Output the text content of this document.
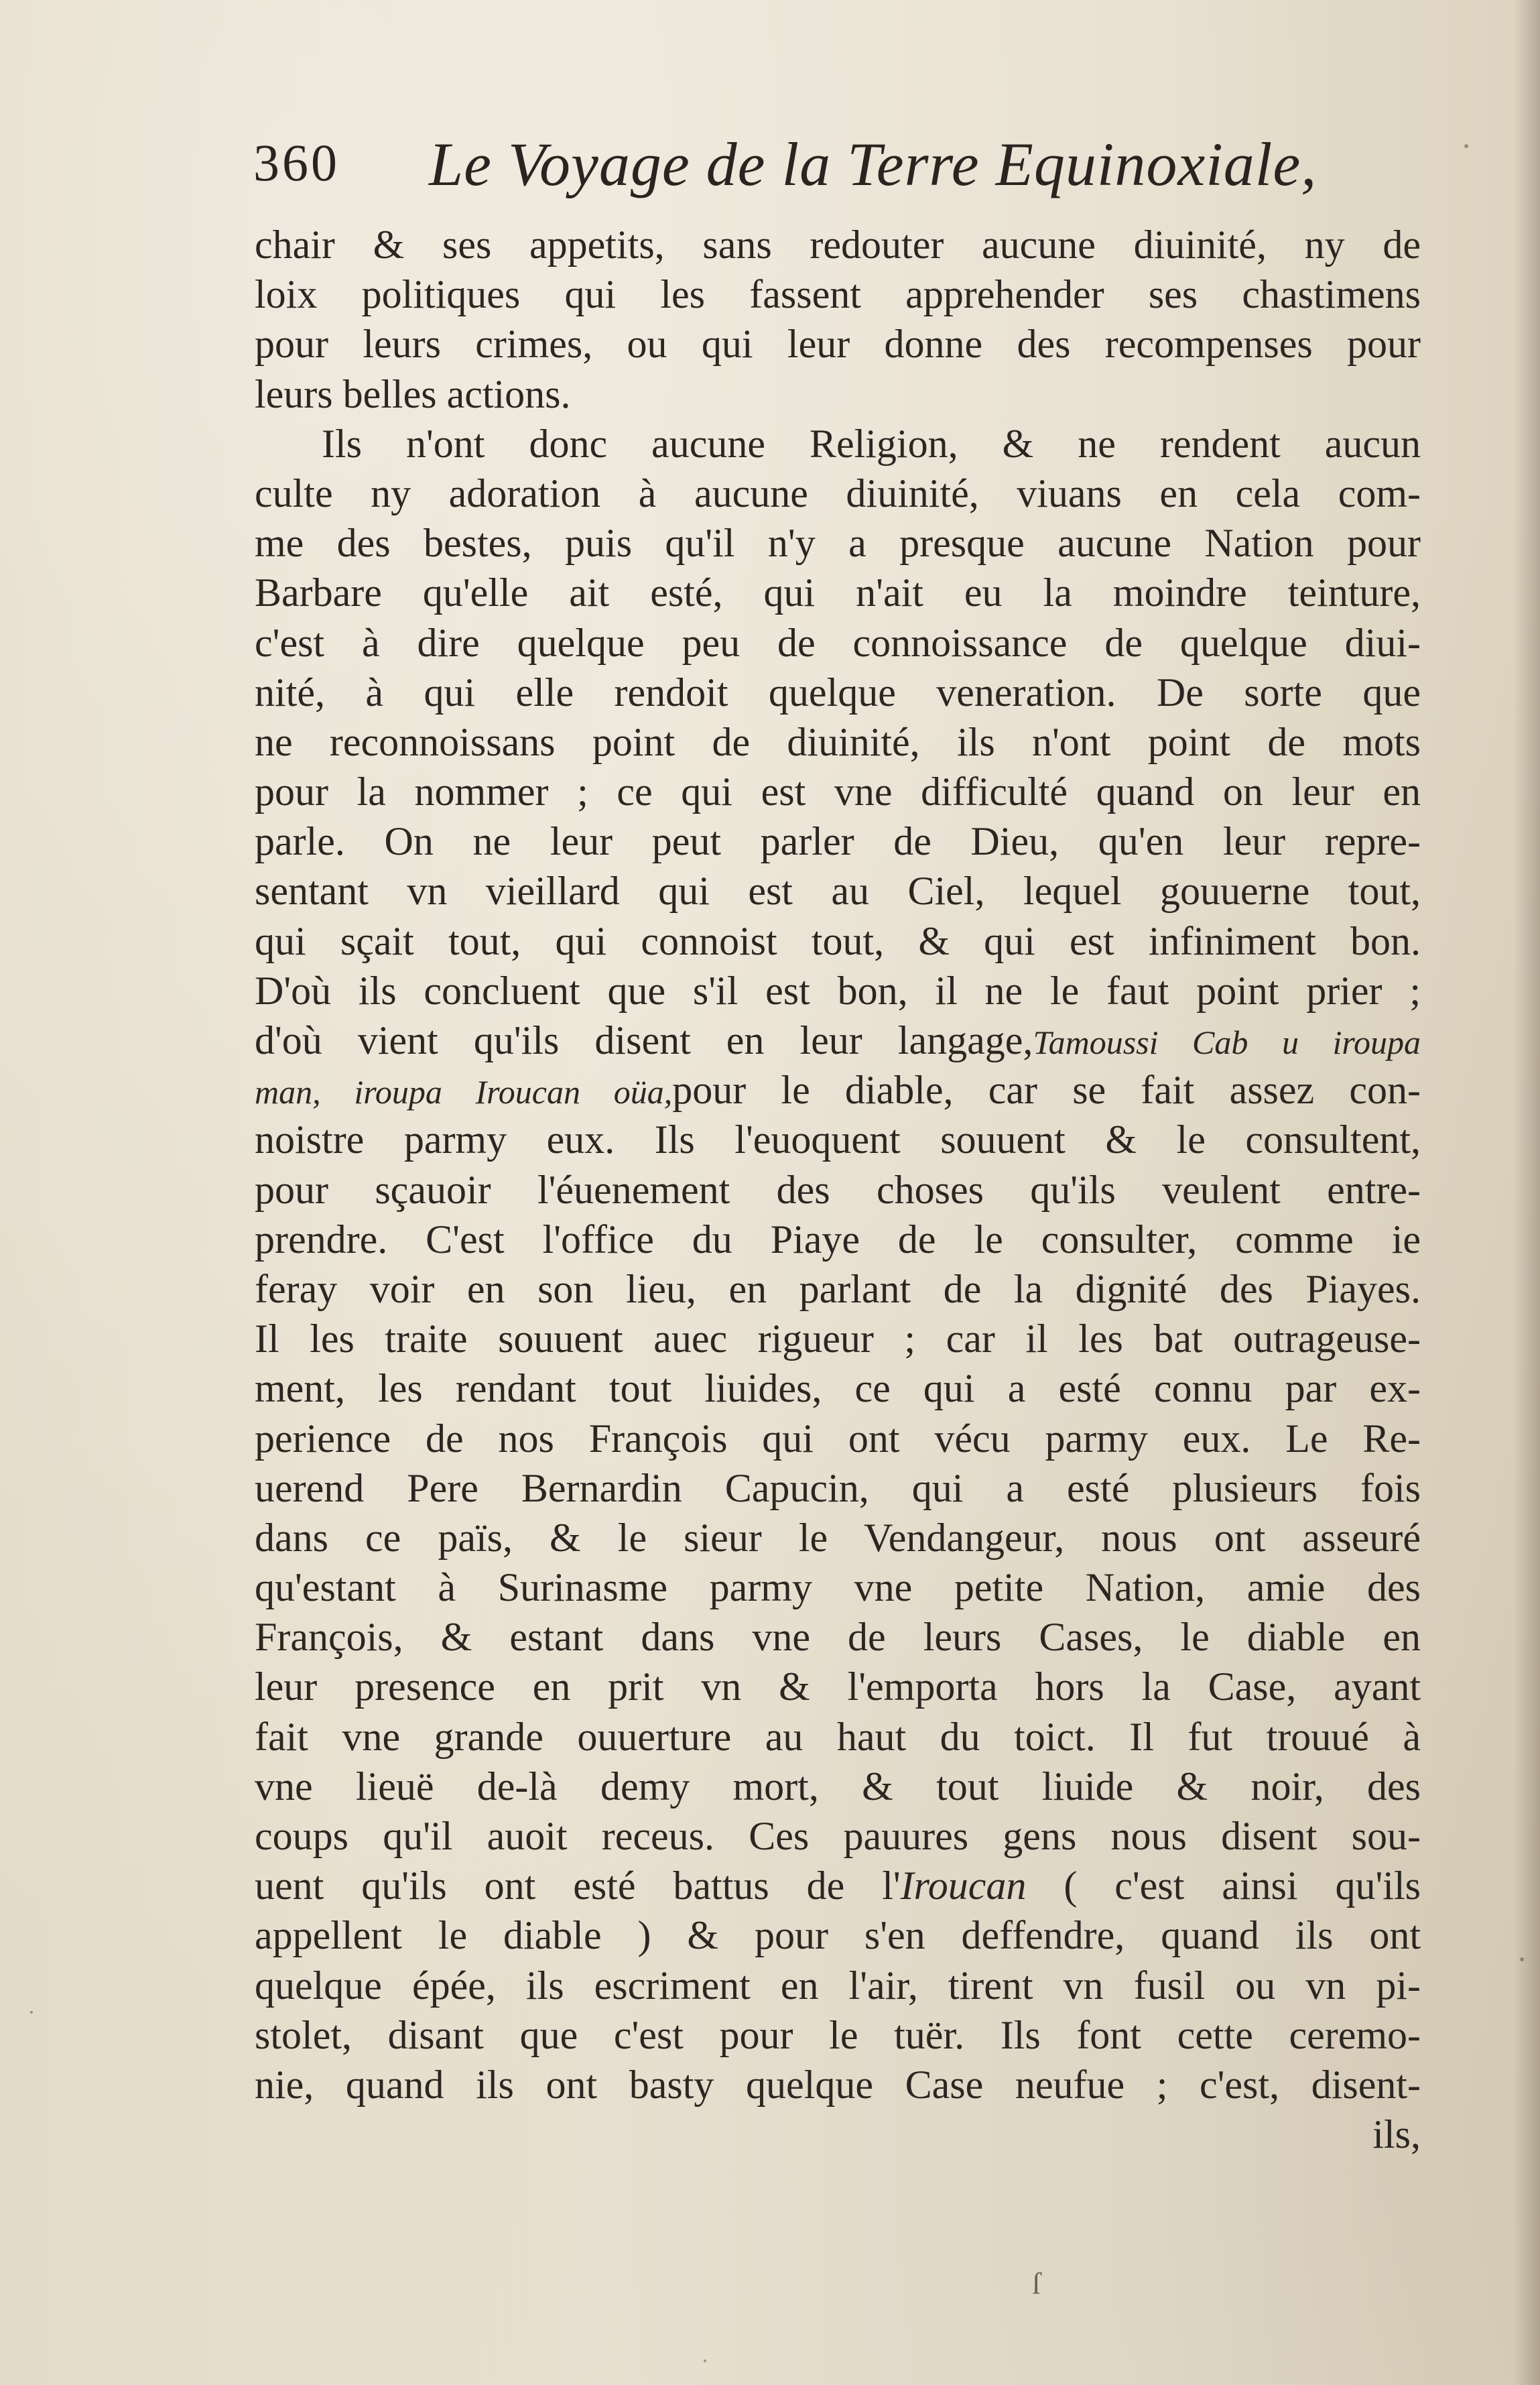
360 Le Voyage de la Terre Equinoxiale,
chair & ses appetits, sans redouter aucune diuinité, ny de
loix politiques qui les fassent apprehender ses chastimens
pour leurs crimes, ou qui leur donne des recompenses pour
leurs belles actions.
Ils n'ont donc aucune Religion, & ne rendent aucun
culte ny adoration à aucune diuinité, viuans en cela com-
me des bestes, puis qu'il n'y a presque aucune Nation pour
Barbare qu'elle ait esté, qui n'ait eu la moindre teinture,
c'est à dire quelque peu de connoissance de quelque diui-
nité, à qui elle rendoit quelque veneration. De sorte que
ne reconnoissans point de diuinité, ils n'ont point de mots
pour la nommer ; ce qui est vne difficulté quand on leur en
parle. On ne leur peut parler de Dieu, qu'en leur repre-
sentant vn vieillard qui est au Ciel, lequel gouuerne tout,
qui sçait tout, qui connoist tout, & qui est infiniment bon.
D'où ils concluent que s'il est bon, il ne le faut point prier ;
d'où vient qu'ils disent en leur langage,Tamoussi Cab u iroupa
man, iroupa Iroucan oüa,pour le diable, car se fait assez con-
noistre parmy eux. Ils l'euoquent souuent & le consultent,
pour sçauoir l'éuenement des choses qu'ils veulent entre-
prendre. C'est l'office du Piaye de le consulter, comme ie
feray voir en son lieu, en parlant de la dignité des Piayes.
Il les traite souuent auec rigueur ; car il les bat outrageuse-
ment, les rendant tout liuides, ce qui a esté connu par ex-
perience de nos François qui ont vécu parmy eux. Le Re-
uerend Pere Bernardin Capucin, qui a esté plusieurs fois
dans ce païs, & le sieur le Vendangeur, nous ont asseuré
qu'estant à Surinasme parmy vne petite Nation, amie des
François, & estant dans vne de leurs Cases, le diable en
leur presence en prit vn & l'emporta hors la Case, ayant
fait vne grande ouuerture au haut du toict. Il fut trouué à
vne lieuë de-là demy mort, & tout liuide & noir, des
coups qu'il auoit receus. Ces pauures gens nous disent sou-
uent qu'ils ont esté battus de l'Iroucan ( c'est ainsi qu'ils
appellent le diable ) & pour s'en deffendre, quand ils ont
quelque épée, ils escriment en l'air, tirent vn fusil ou vn pi-
stolet, disant que c'est pour le tuër. Ils font cette ceremo-
nie, quand ils ont basty quelque Case neufue ; c'est, disent-
ils,
ſ
